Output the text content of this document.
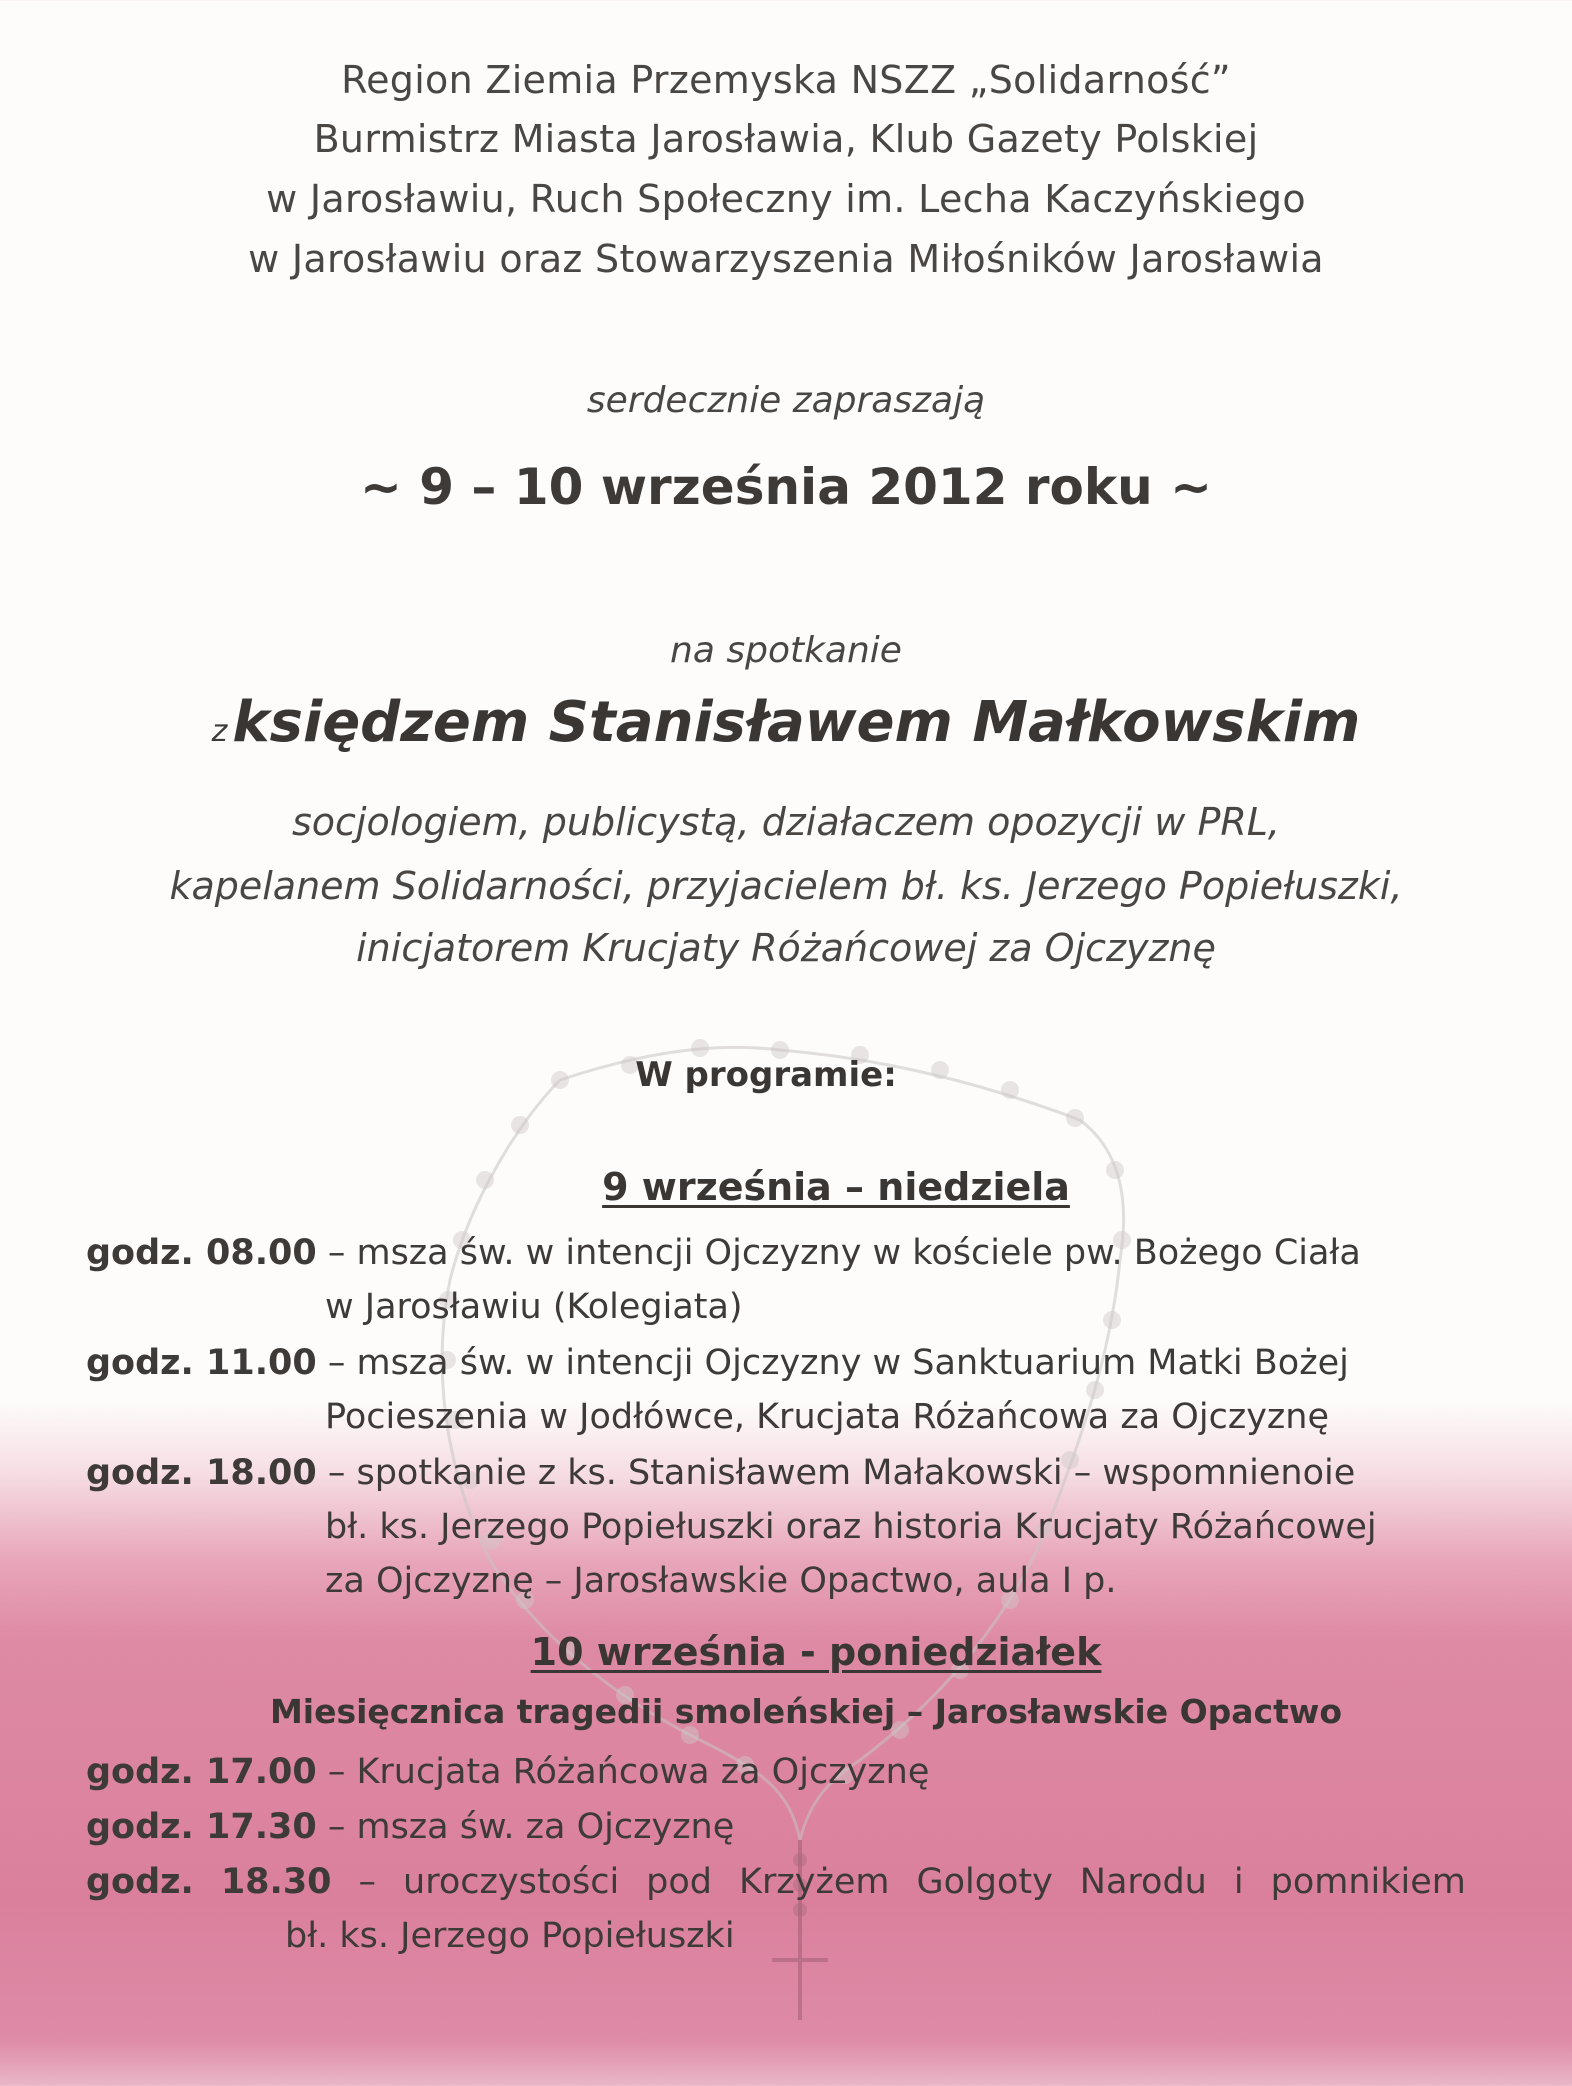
Region Ziemia Przemyska NSZZ „Solidarność”
Burmistrz Miasta Jarosławia, Klub Gazety Polskiej
w Jarosławiu, Ruch Społeczny im. Lecha Kaczyńskiego
w Jarosławiu oraz Stowarzyszenia Miłośników Jarosławia
serdecznie zapraszają
~ 9 – 10 września 2012 roku ~
na spotkanie
z księdzem Stanisławem Małkowskim
socjologiem, publicystą, działaczem opozycji w PRL,
kapelanem Solidarności, przyjacielem bł. ks. Jerzego Popiełuszki,
inicjatorem Krucjaty Różańcowej za Ojczyznę
W programie:
9 września – niedziela
godz. 08.00 – msza św. w intencji Ojczyzny w kościele pw. Bożego Ciała
w Jarosławiu (Kolegiata)
godz. 11.00 – msza św. w intencji Ojczyzny w Sanktuarium Matki Bożej
Pocieszenia w Jodłówce, Krucjata Różańcowa za Ojczyznę
godz. 18.00 – spotkanie z ks. Stanisławem Małakowski – wspomnienoie
bł. ks. Jerzego Popiełuszki oraz historia Krucjaty Różańcowej
za Ojczyznę – Jarosławskie Opactwo, aula I p.
10 września - poniedziałek
Miesięcznica tragedii smoleńskiej – Jarosławskie Opactwo
godz. 17.00 – Krucjata Różańcowa za Ojczyznę
godz. 17.30 – msza św. za Ojczyznę
godz. 18.30 – uroczystości pod Krzyżem Golgoty Narodu i pomnikiem
bł. ks. Jerzego Popiełuszki
